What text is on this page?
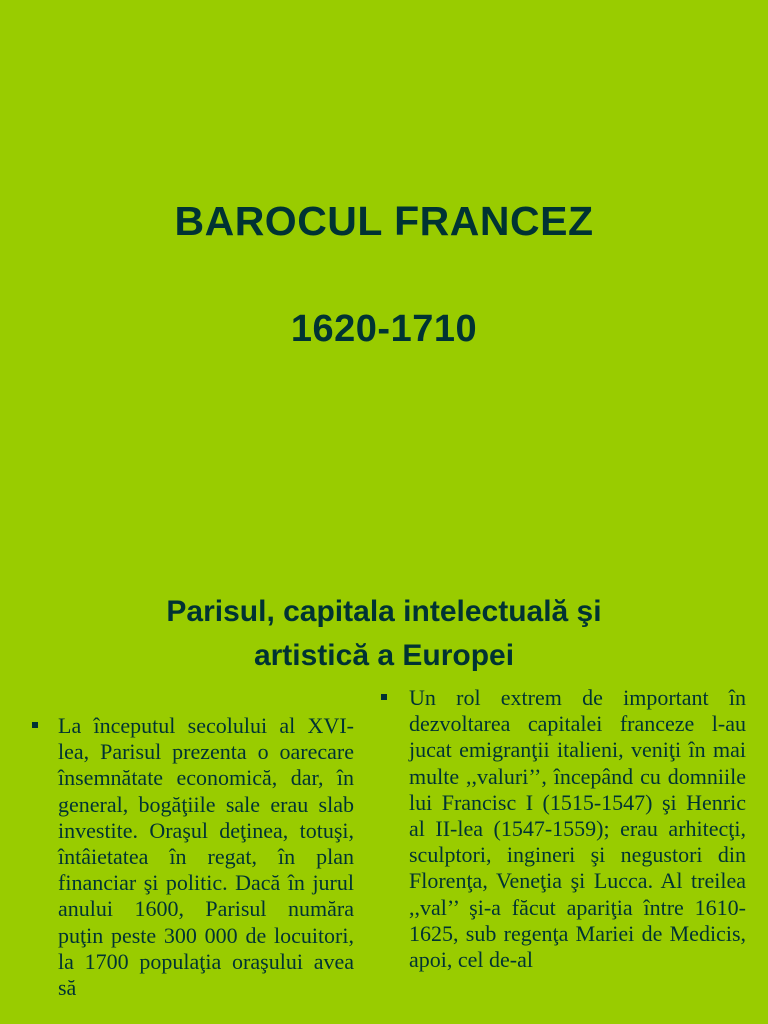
BAROCUL FRANCEZ
1620-1710
Parisul, capitala intelectuală şi
artistică a Europei
La începutul secolului al XVI-lea, Parisul prezenta o oarecare însemnătate economică, dar, în general, bogăţiile sale erau slab investite. Oraşul deţinea, totuşi, întâietatea în regat, în plan financiar şi politic. Dacă în jurul anului 1600, Parisul număra puţin peste 300 000 de locuitori, la 1700 populaţia oraşului avea să
Un rol extrem de important în dezvoltarea capitalei franceze l-au jucat emigranţii italieni, veniţi în mai multe ,,valuri’’, începând cu domniile lui Francisc I (1515-1547) şi Henric al II-lea (1547-1559); erau arhitecţi, sculptori, ingineri şi negustori din Florenţa, Veneţia şi Lucca. Al treilea ,,val’’ şi-a făcut apariţia între 1610-1625, sub regenţa Mariei de Medicis, apoi, cel de-al
